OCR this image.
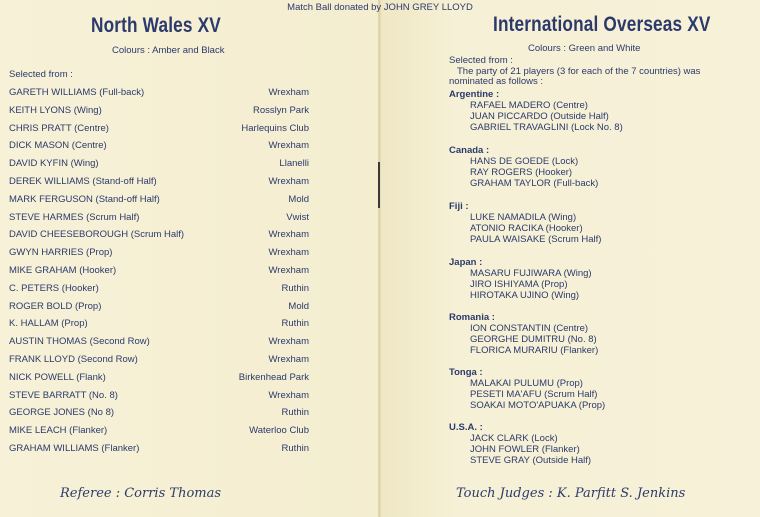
Match Ball donated by JOHN GREY LLOYD
North Wales XV
Colours : Amber and Black
Selected from :
GARETH WILLIAMS (Full-back)	Wrexham
KEITH LYONS (Wing)	Rosslyn Park
CHRIS PRATT (Centre)	Harlequins Club
DICK MASON (Centre)	Wrexham
DAVID KYFIN (Wing)	Llanelli
DEREK WILLIAMS (Stand-off Half)	Wrexham
MARK FERGUSON (Stand-off Half)	Mold
STEVE HARMES (Scrum Half)	Vwist
DAVID CHEESEBOROUGH (Scrum Half)	Wrexham
GWYN HARRIES (Prop)	Wrexham
MIKE GRAHAM (Hooker)	Wrexham
C. PETERS (Hooker)	Ruthin
ROGER BOLD (Prop)	Mold
K. HALLAM (Prop)	Ruthin
AUSTIN THOMAS (Second Row)	Wrexham
FRANK LLOYD (Second Row)	Wrexham
NICK POWELL (Flank)	Birkenhead Park
STEVE BARRATT (No. 8)	Wrexham
GEORGE JONES (No 8)	Ruthin
MIKE LEACH (Flanker)	Waterloo Club
GRAHAM WILLIAMS (Flanker)	Ruthin
Referee : Corris Thomas
International Overseas XV
Colours : Green and White
Selected from :
The party of 21 players (3 for each of the 7 countries) was
nominated as follows :
Argentine :
RAFAEL MADERO (Centre)
JUAN PICCARDO (Outside Half)
GABRIEL TRAVAGLINI (Lock No. 8)
Canada :
HANS DE GOEDE (Lock)
RAY ROGERS (Hooker)
GRAHAM TAYLOR (Full-back)
Fiji :
LUKE NAMADILA (Wing)
ATONIO RACIKA (Hooker)
PAULA WAISAKE (Scrum Half)
Japan :
MASARU FUJIWARA (Wing)
JIRO ISHIYAMA (Prop)
HIROTAKA UJINO (Wing)
Romania :
ION CONSTANTIN (Centre)
GEORGHE DUMITRU (No. 8)
FLORICA MURARIU (Flanker)
Tonga :
MALAKAI PULUMU (Prop)
PESETI MA'AFU (Scrum Half)
SOAKAI MOTO'APUAKA (Prop)
U.S.A. :
JACK CLARK (Lock)
JOHN FOWLER (Flanker)
STEVE GRAY (Outside Half)
Touch Judges : K. Parfitt S. Jenkins
